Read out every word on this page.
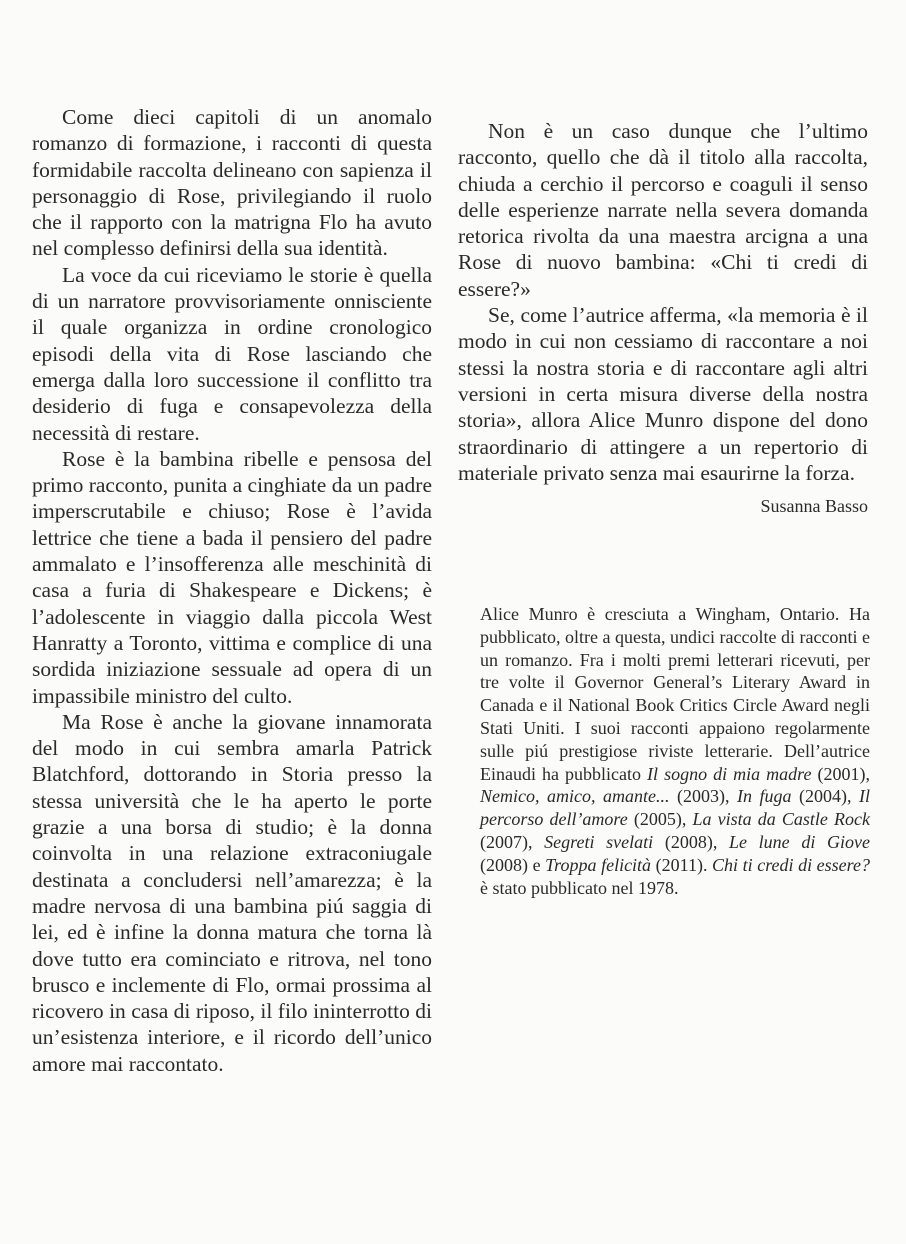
Come dieci capitoli di un anomalo romanzo di formazione, i racconti di questa formidabile raccolta delineano con sapienza il personaggio di Rose, privilegiando il ruolo che il rapporto con la matrigna Flo ha avuto nel complesso definirsi della sua identità.

La voce da cui riceviamo le storie è quella di un narratore provvisoriamente onnisciente il quale organizza in ordine cronologico episodi della vita di Rose lasciando che emerga dalla loro successione il conflitto tra desiderio di fuga e consapevolezza della necessità di restare.

Rose è la bambina ribelle e pensosa del primo racconto, punita a cinghiate da un padre imperscrutabile e chiuso; Rose è l’avida lettrice che tiene a bada il pensiero del padre ammalato e l’insofferenza alle meschinità di casa a furia di Shakespeare e Dickens; è l’adolescente in viaggio dalla piccola West Hanratty a Toronto, vittima e complice di una sordida iniziazione sessuale ad opera di un impassibile ministro del culto.

Ma Rose è anche la giovane innamorata del modo in cui sembra amarla Patrick Blatchford, dottorando in Storia presso la stessa università che le ha aperto le porte grazie a una borsa di studio; è la donna coinvolta in una relazione extraconiugale destinata a concludersi nell’amarezza; è la madre nervosa di una bambina piú saggia di lei, ed è infine la donna matura che torna là dove tutto era cominciato e ritrova, nel tono brusco e inclemente di Flo, ormai prossima al ricovero in casa di riposo, il filo ininterrotto di un’esistenza interiore, e il ricordo dell’unico amore mai raccontato.

Non è un caso dunque che l’ultimo racconto, quello che dà il titolo alla raccolta, chiuda a cerchio il percorso e coaguli il senso delle esperienze narrate nella severa domanda retorica rivolta da una maestra arcigna a una Rose di nuovo bambina: «Chi ti credi di essere?»

Se, come l’autrice afferma, «la memoria è il modo in cui non cessiamo di raccontare a noi stessi la nostra storia e di raccontare agli altri versioni in certa misura diverse della nostra storia», allora Alice Munro dispone del dono straordinario di attingere a un repertorio di materiale privato senza mai esaurirne la forza.

Susanna Basso

Alice Munro è cresciuta a Wingham, Ontario. Ha pubblicato, oltre a questa, undici raccolte di racconti e un romanzo. Fra i molti premi letterari ricevuti, per tre volte il Governor General’s Literary Award in Canada e il National Book Critics Circle Award negli Stati Uniti. I suoi racconti appaiono regolarmente sulle piú prestigiose riviste letterarie. Dell’autrice Einaudi ha pubblicato Il sogno di mia madre (2001), Nemico, amico, amante... (2003), In fuga (2004), Il percorso dell’amore (2005), La vista da Castle Rock (2007), Segreti svelati (2008), Le lune di Giove (2008) e Troppa felicità (2011). Chi ti credi di essere? è stato pubblicato nel 1978.
